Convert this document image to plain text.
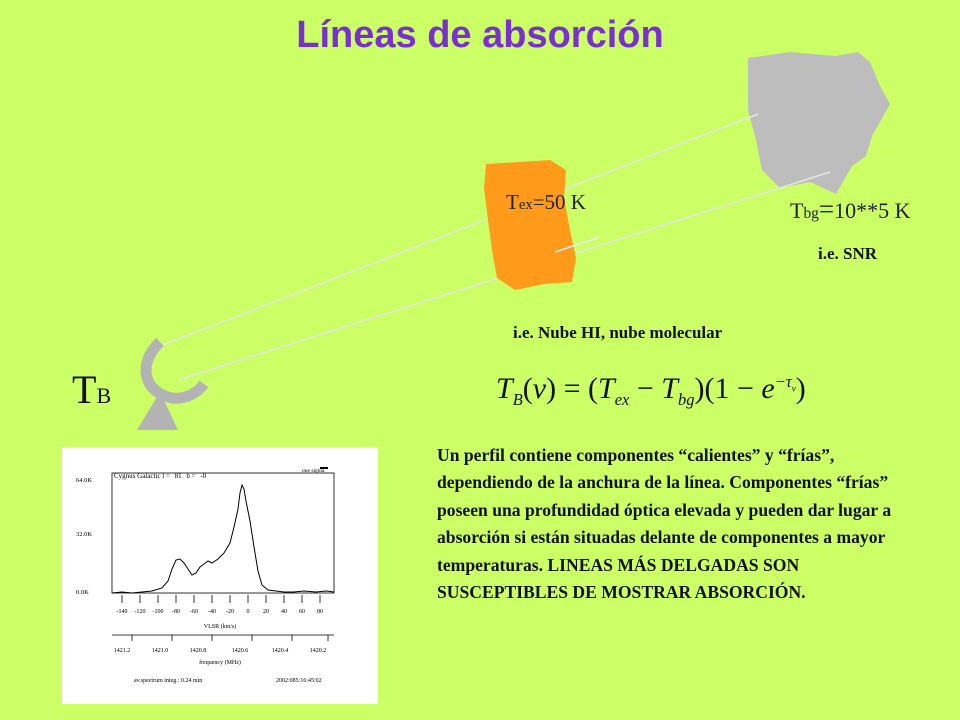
Líneas de absorción
Tex=50 K	Tbg=10**5 K
i.e. SNR
i.e. Nube HI, nube molecular
TB	$T_B(\nu) = (T_{ex} - T_{bg})(1 - e^{-\tau_\nu})$
Un perfil contiene componentes “calientes” y “frías”, dependiendo de la anchura de la línea. Componentes “frías” poseen una profundidad óptica elevada y pueden dar lugar a absorción si están situadas delante de componentes a mayor temperaturas. LINEAS MÁS DELGADAS SON SUSCEPTIBLES DE MOSTRAR ABSORCIÓN.
Cygnus Galactic l = 81 b = -0
one sigma
64.0K
32.0K
0.0K
-140 -120 -100 -80 -60 -40 -20 0 20 40 60 80
VLSR (km/s)
1421.2	1421.0	1420.8	1420.6	1420.4	1420.2
frequency (MHz)
av.spectrum integ.: 0.24 min	2002:085:16:45:02
